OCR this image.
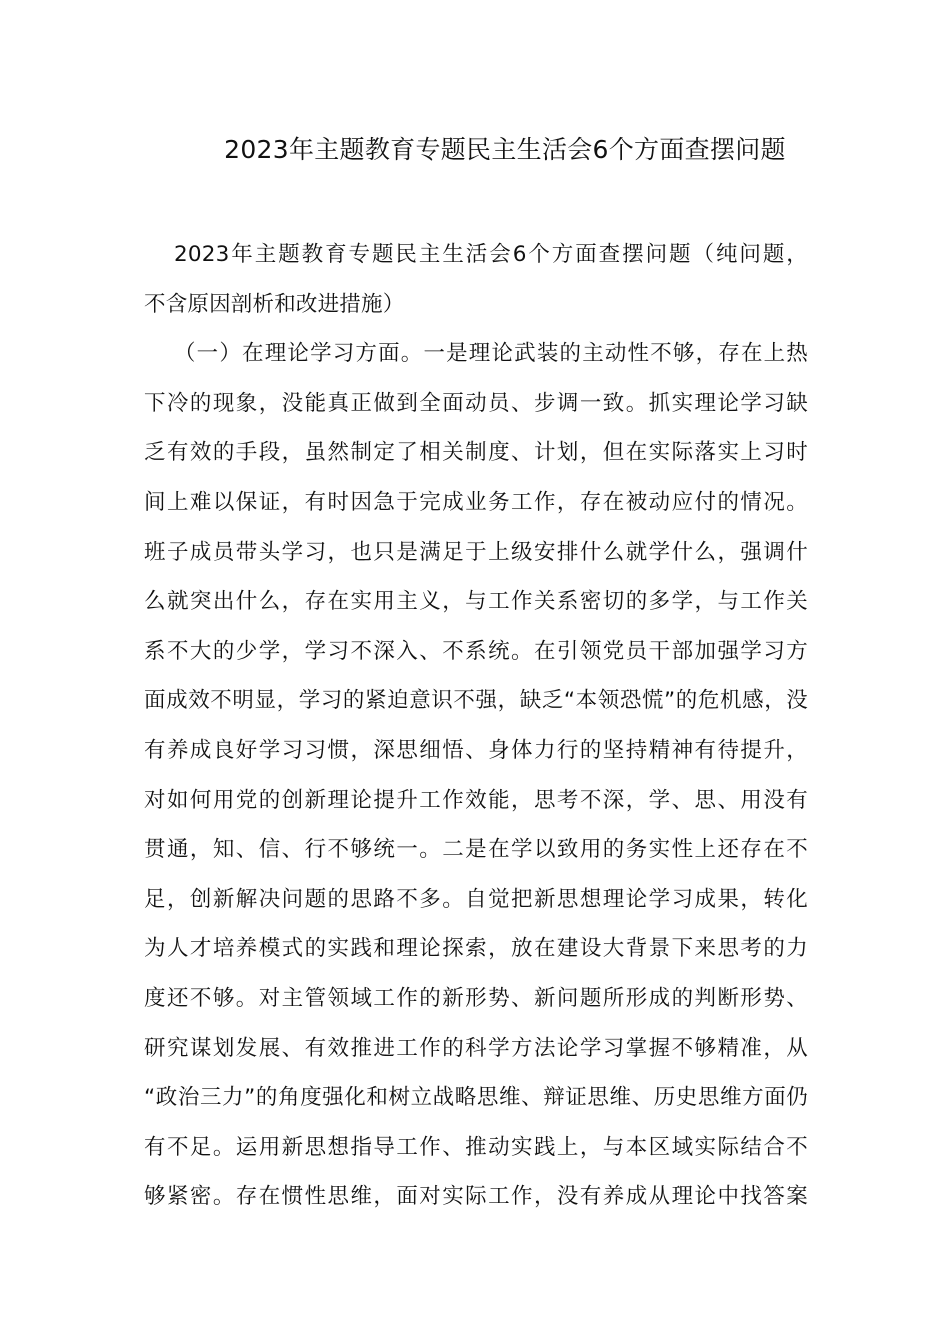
2023年主题教育专题民主生活会6个方面查摆问题
2023年主题教育专题民主生活会6个方面查摆问题（纯问题，
不含原因剖析和改进措施）
（一）在理论学习方面。一是理论武装的主动性不够，存在上热
下冷的现象，没能真正做到全面动员、步调一致。抓实理论学习缺
乏有效的手段，虽然制定了相关制度、计划，但在实际落实上习时
间上难以保证，有时因急于完成业务工作，存在被动应付的情况。
班子成员带头学习，也只是满足于上级安排什么就学什么，强调什
么就突出什么，存在实用主义，与工作关系密切的多学，与工作关
系不大的少学，学习不深入、不系统。在引领党员干部加强学习方
面成效不明显，学习的紧迫意识不强，缺乏“本领恐慌”的危机感，没
有养成良好学习习惯，深思细悟、身体力行的坚持精神有待提升，
对如何用党的创新理论提升工作效能，思考不深，学、思、用没有
贯通，知、信、行不够统一。二是在学以致用的务实性上还存在不
足，创新解决问题的思路不多。自觉把新思想理论学习成果，转化
为人才培养模式的实践和理论探索，放在建设大背景下来思考的力
度还不够。对主管领域工作的新形势、新问题所形成的判断形势、
研究谋划发展、有效推进工作的科学方法论学习掌握不够精准，从
“政治三力”的角度强化和树立战略思维、辩证思维、历史思维方面仍
有不足。运用新思想指导工作、推动实践上，与本区域实际结合不
够紧密。存在惯性思维，面对实际工作，没有养成从理论中找答案
